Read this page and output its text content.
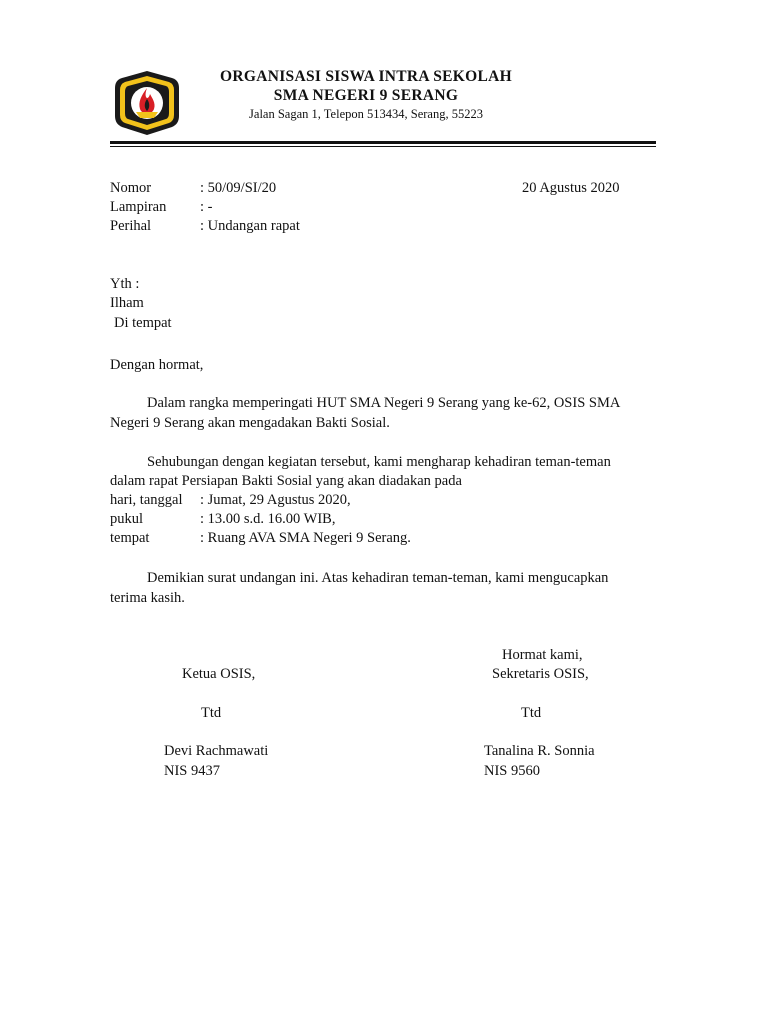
ORGANISASI SISWA INTRA SEKOLAH
SMA NEGERI 9 SERANG
Jalan Sagan 1, Telepon 513434, Serang, 55223
Nomor	: 50/09/SI/20	20 Agustus 2020
Lampiran : -
Perihal	: Undangan rapat
Yth :
Ilham
Di tempat
Dengan hormat,
Dalam rangka memperingati HUT SMA Negeri 9 Serang yang ke-62, OSIS SMA
Negeri 9 Serang akan mengadakan Bakti Sosial.
Sehubungan dengan kegiatan tersebut, kami mengharap kehadiran teman-teman
dalam rapat Persiapan Bakti Sosial yang akan diadakan pada
hari, tanggal : Jumat, 29 Agustus 2020,
pukul	: 13.00 s.d. 16.00 WIB,
tempat	: Ruang AVA SMA Negeri 9 Serang.
Demikian surat undangan ini. Atas kehadiran teman-teman, kami mengucapkan
terima kasih.
Hormat kami,
Ketua OSIS,	Sekretaris OSIS,
Ttd	Ttd
Devi Rachmawati	Tanalina R. Sonnia
NIS 9437	NIS 9560
